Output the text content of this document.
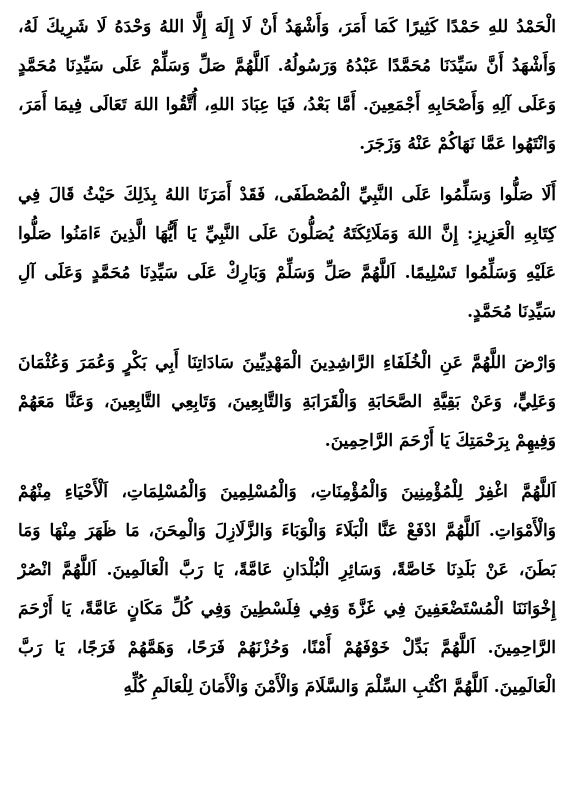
الْحَمْدُ للهِ حَمْدًا كَثِيرًا كَمَا أَمَرَ، وَأَشْهَدُ أَنْ لَا إِلَهَ إِلَّا اللهُ وَحْدَهُ لَا شَرِيكَ لَهُ، وَأَشْهَدُ أَنَّ سَيِّدَنَا مُحَمَّدًا عَبْدُهُ وَرَسُولُهُ. اَللَّهُمَّ صَلِّ وَسَلِّمْ عَلَى سَيِّدِنَا مُحَمَّدٍ وَعَلَى آلِهِ وَأَصْحَابِهِ أَجْمَعِينَ. أَمَّا بَعْدُ، فَيَا عِبَادَ اللهِ، أُتَّقُوا اللهَ تَعَالَى فِيمَا أَمَرَ، وَانْتَهُوا عَمَّا نَهَاكُمْ عَنْهُ وَزَجَرَ.

أَلَا صَلُّوا وَسَلِّمُوا عَلَى النَّبِيِّ الْمُصْطَفَى، فَقَدْ أَمَرَنَا اللهُ بِذَلِكَ حَيْثُ قَالَ فِي كِتَابِهِ الْعَزِيزِ: إِنَّ اللهَ وَمَلَائِكَتَهُ يُصَلُّونَ عَلَى النَّبِيِّ يَا أَيُّهَا الَّذِينَ ءَامَنُوا صَلُّوا عَلَيْهِ وَسَلِّمُوا تَسْلِيمًا. اَللَّهُمَّ صَلِّ وَسَلِّمْ وَبَارِكْ عَلَى سَيِّدِنَا مُحَمَّدٍ وَعَلَى آلِ سَيِّدِنَا مُحَمَّدٍ.

وَارْضَ اللَّهُمَّ عَنِ الْخُلَفَاءِ الرَّاشِدِينَ الْمَهْدِيِّينَ سَادَاتِنَا أَبِي بَكْرٍ وَعُمَرَ وَعُثْمَانَ وَعَلِيٍّ، وَعَنْ بَقِيَّةِ الصَّحَابَةِ وَالْقَرَابَةِ وَالتَّابِعِينَ، وَتَابِعِي التَّابِعِينَ، وَعَنَّا مَعَهُمْ وَفِيهِمْ بِرَحْمَتِكَ يَا أَرْحَمَ الرَّاحِمِينَ.

اَللَّهُمَّ اغْفِرْ لِلْمُؤْمِنِينَ وَالْمُؤْمِنَاتِ، وَالْمُسْلِمِينَ وَالْمُسْلِمَاتِ، اَلْأَحْيَاءِ مِنْهُمْ وَالْأَمْوَاتِ. اَللَّهُمَّ ادْفَعْ عَنَّا الْبَلَاءَ وَالْوَبَاءَ وَالزَّلَازِلَ وَالْمِحَنَ، مَا ظَهَرَ مِنْهَا وَمَا بَطَنَ، عَنْ بَلَدِنَا خَاصَّةً، وَسَائِرِ الْبُلْدَانِ عَامَّةً، يَا رَبَّ الْعَالَمِينَ. اَللَّهُمَّ انْصُرْ إِخْوَانَنَا الْمُسْتَضْعَفِينَ فِي غَزَّةَ وَفِي فِلَسْطِينَ وَفِي كُلِّ مَكَانٍ عَامَّةً، يَا أَرْحَمَ الرَّاحِمِينَ. اَللَّهُمَّ بَدِّلْ خَوْفَهُمْ أَمْنًا، وَحُزْنَهُمْ فَرَحًا، وَهَمَّهُمْ فَرَجًا، يَا رَبَّ الْعَالَمِينَ. اَللَّهُمَّ اكْتُبِ السِّلْمَ وَالسَّلَامَ وَالْأَمْنَ وَالْأَمَانَ لِلْعَالَمِ كُلِّهِ
